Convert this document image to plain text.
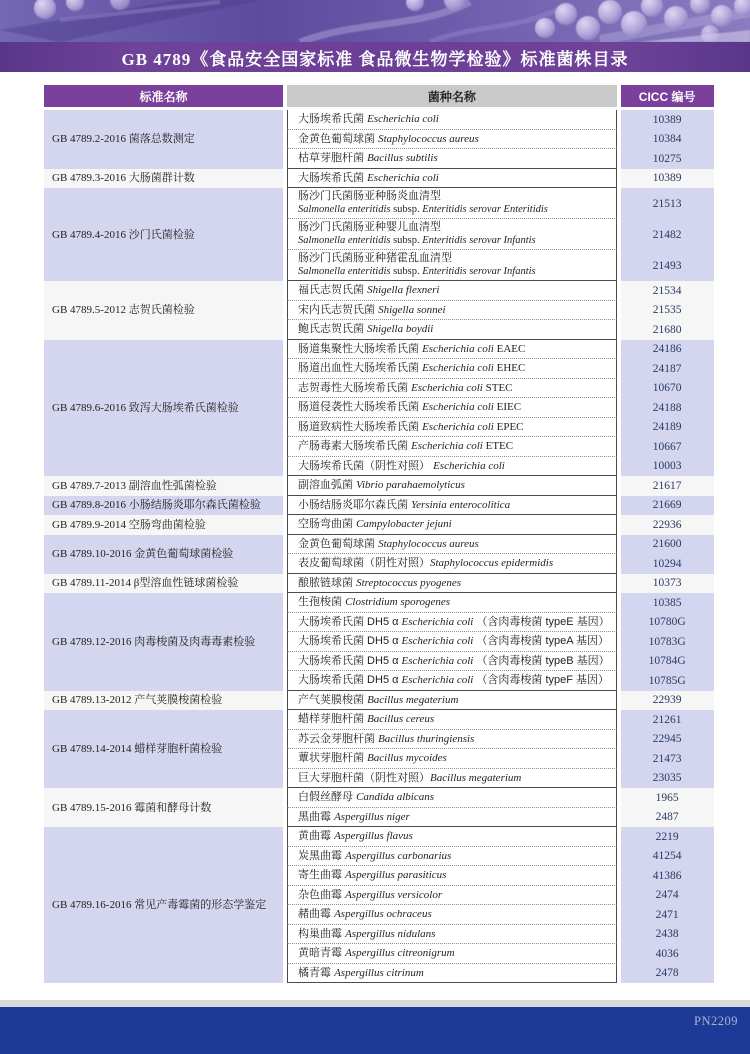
GB 4789《食品安全国家标准 食品微生物学检验》标准菌株目录
标准名称	菌种名称	CICC 编号
GB 4789.2-2016 菌落总数测定	大肠埃希氏菌 Escherichia coli	10389

	金黄色葡萄球菌 Staphylococcus aureus	10384

	枯草芽胞杆菌 Bacillus subtilis	10275
GB 4789.3-2016 大肠菌群计数	大肠埃希氏菌 Escherichia coli	10389
GB 4789.4-2016 沙门氏菌检验	肠沙门氏菌肠亚种肠炎血清型
Salmonella enteritidis subsp. Enteritidis serovar Enteritidis	21513

	肠沙门氏菌肠亚种婴儿血清型
Salmonella enteritidis subsp. Enteritidis serovar Infantis	21482

	肠沙门氏菌肠亚种猪霍乱血清型
Salmonella enteritidis subsp. Enteritidis serovar Infantis	21493
GB 4789.5-2012 志贺氏菌检验	福氏志贺氏菌 Shigella flexneri	21534

	宋内氏志贺氏菌 Shigella sonnei	21535

	鲍氏志贺氏菌 Shigella boydii	21680
GB 4789.6-2016 致泻大肠埃希氏菌检验	肠道集聚性大肠埃希氏菌 Escherichia coli EAEC	24186

	肠道出血性大肠埃希氏菌 Escherichia coli EHEC	24187

	志贺毒性大肠埃希氏菌 Escherichia coli STEC	10670

	肠道侵袭性大肠埃希氏菌 Escherichia coli EIEC	24188

	肠道致病性大肠埃希氏菌 Escherichia coli EPEC	24189

	产肠毒素大肠埃希氏菌 Escherichia coli ETEC	10667

	大肠埃希氏菌（阴性对照） Escherichia coli	10003
GB 4789.7-2013 副溶血性弧菌检验	副溶血弧菌 Vibrio parahaemolyticus	21617
GB 4789.8-2016 小肠结肠炎耶尔森氏菌检验	小肠结肠炎耶尔森氏菌 Yersinia enterocolitica	21669
GB 4789.9-2014 空肠弯曲菌检验	空肠弯曲菌 Campylobacter jejuni	22936
GB 4789.10-2016 金黄色葡萄球菌检验	金黄色葡萄球菌 Staphylococcus aureus	21600

	表皮葡萄球菌（阴性对照）Staphylococcus epidermidis	10294
GB 4789.11-2014 β型溶血性链球菌检验	酿脓链球菌 Streptococcus pyogenes	10373
GB 4789.12-2016 肉毒梭菌及肉毒毒素检验	生孢梭菌 Clostridium sporogenes	10385

	大肠埃希氏菌 DH5 α Escherichia coli （含肉毒梭菌 typeE 基因）	10780G

	大肠埃希氏菌 DH5 α Escherichia coli （含肉毒梭菌 typeA 基因）	10783G

	大肠埃希氏菌 DH5 α Escherichia coli （含肉毒梭菌 typeB 基因）	10784G

	大肠埃希氏菌 DH5 α Escherichia coli （含肉毒梭菌 typeF 基因）	10785G
GB 4789.13-2012 产气荚膜梭菌检验	产气荚膜梭菌 Bacillus megaterium	22939
GB 4789.14-2014 蜡样芽胞杆菌检验	蜡样芽胞杆菌 Bacillus cereus	21261

	苏云金芽胞杆菌 Bacillus thuringiensis	22945

	蕈状芽胞杆菌 Bacillus mycoides	21473

	巨大芽胞杆菌（阴性对照）Bacillus megaterium	23035
GB 4789.15-2016 霉菌和酵母计数	白假丝酵母 Candida albicans	1965

	黑曲霉 Aspergillus niger	2487
GB 4789.16-2016 常见产毒霉菌的形态学鉴定	黄曲霉 Aspergillus flavus	2219

	炭黑曲霉 Aspergillus carbonarius	41254

	寄生曲霉 Aspergillus parasiticus	41386

	杂色曲霉 Aspergillus versicolor	2474

	赭曲霉 Aspergillus ochraceus	2471

	构巢曲霉 Aspergillus nidulans	2438

	黄暗青霉 Aspergillus citreonigrum	4036

	橘青霉 Aspergillus citrinum	2478
PN2209
